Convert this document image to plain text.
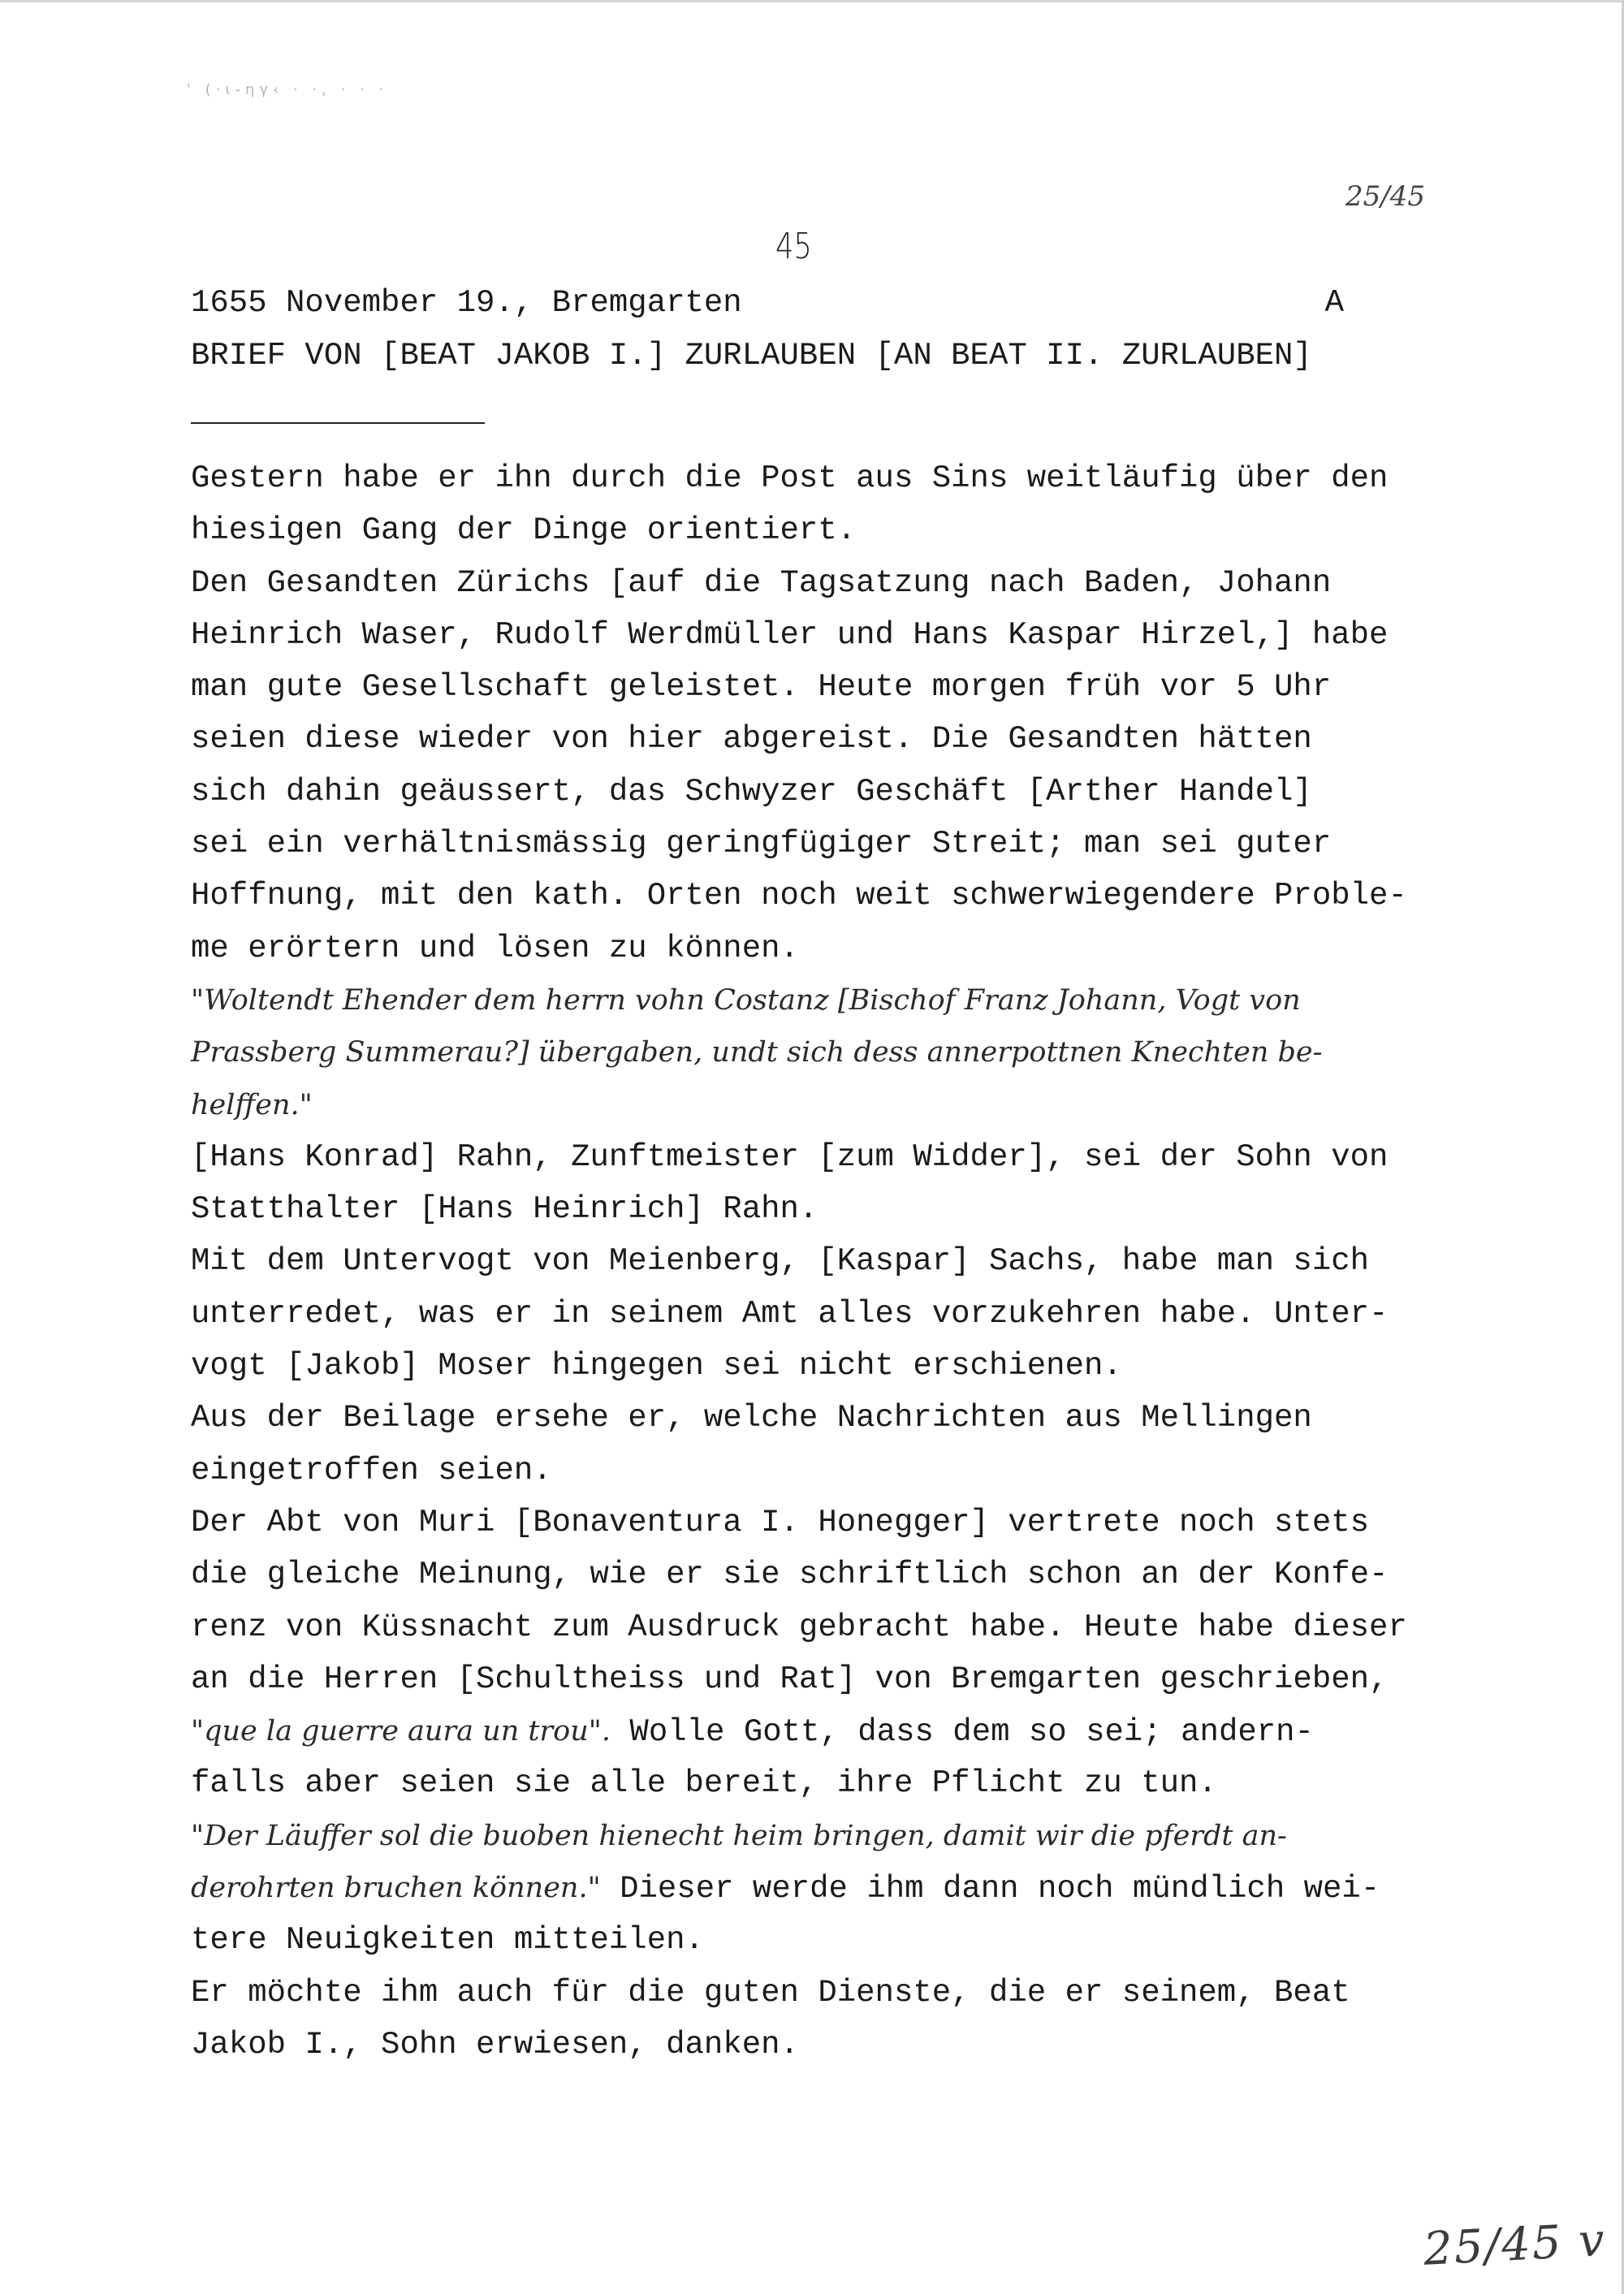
' (·ι-ηγ‹ · ·, · · ·
25/45
45
1655 November 19., Bremgarten	A
BRIEF VON [BEAT JAKOB I.] ZURLAUBEN [AN BEAT II. ZURLAUBEN]
Gestern habe er ihn durch die Post aus Sins weitläufig über den
hiesigen Gang der Dinge orientiert.
Den Gesandten Zürichs [auf die Tagsatzung nach Baden, Johann
Heinrich Waser, Rudolf Werdmüller und Hans Kaspar Hirzel,] habe
man gute Gesellschaft geleistet. Heute morgen früh vor 5 Uhr
seien diese wieder von hier abgereist. Die Gesandten hätten
sich dahin geäussert, das Schwyzer Geschäft [Arther Handel]
sei ein verhältnismässig geringfügiger Streit; man sei guter
Hoffnung, mit den kath. Orten noch weit schwerwiegendere Proble-
me erörtern und lösen zu können.
"Woltendt Ehender dem herrn vohn Costanz [Bischof Franz Johann, Vogt von
Prassberg Summerau?] übergaben, undt sich dess annerpottnen Knechten be-
helffen."
[Hans Konrad] Rahn, Zunftmeister [zum Widder], sei der Sohn von
Statthalter [Hans Heinrich] Rahn.
Mit dem Untervogt von Meienberg, [Kaspar] Sachs, habe man sich
unterredet, was er in seinem Amt alles vorzukehren habe. Unter-
vogt [Jakob] Moser hingegen sei nicht erschienen.
Aus der Beilage ersehe er, welche Nachrichten aus Mellingen
eingetroffen seien.
Der Abt von Muri [Bonaventura I. Honegger] vertrete noch stets
die gleiche Meinung, wie er sie schriftlich schon an der Konfe-
renz von Küssnacht zum Ausdruck gebracht habe. Heute habe dieser
an die Herren [Schultheiss und Rat] von Bremgarten geschrieben,
"que la guerre aura un trou". Wolle Gott, dass dem so sei; andern-
falls aber seien sie alle bereit, ihre Pflicht zu tun.
"Der Läuffer sol die buoben hienecht heim bringen, damit wir die pferdt an-
derohrten bruchen können." Dieser werde ihm dann noch mündlich wei-
tere Neuigkeiten mitteilen.
Er möchte ihm auch für die guten Dienste, die er seinem, Beat
Jakob I., Sohn erwiesen, danken.
25/45 v
